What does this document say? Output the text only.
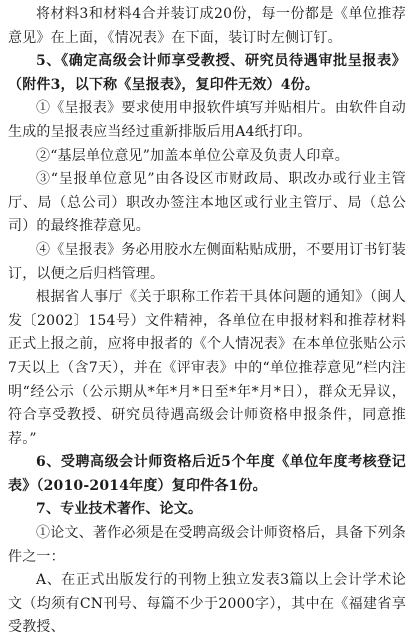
将材料3和材料4合并装订成20份，每一份都是《单位推荐意见》在上面，《情况表》在下面，装订时左侧订钉。

5、《确定高级会计师享受教授、研究员待遇审批呈报表》（附件3，以下称《呈报表》，复印件无效）4份。

①《呈报表》要求使用申报软件填写并贴相片。由软件自动生成的呈报表应当经过重新排版后用A4纸打印。

②“基层单位意见”加盖本单位公章及负责人印章。

③“呈报单位意见”由各设区市财政局、职改办或行业主管厅、局（总公司）职改办签注本地区或行业主管厅、局（总公司）的最终推荐意见。

④《呈报表》务必用胶水左侧面粘贴成册，不要用订书钉装订，以便之后归档管理。

根据省人事厅《关于职称工作若干具体问题的通知》（闽人发〔2002〕154号）文件精神，各单位在申报材料和推荐材料正式上报之前，应将申报者的《个人情况表》在本单位张贴公示7天以上（含7天），并在《评审表》中的“单位推荐意见”栏内注明“经公示（公示期从*年*月*日至*年*月*日），群众无异议，符合享受教授、研究员待遇高级会计师资格申报条件，同意推荐。”

6、受聘高级会计师资格后近5个年度《单位年度考核登记表》（2010-2014年度）复印件各1份。

7、专业技术著作、论文。

①论文、著作必须是在受聘高级会计师资格后，具备下列条件之一：

A、在正式出版发行的刊物上独立发表3篇以上会计学术论文（均须有CN刊号、每篇不少于2000字），其中在《福建省享受教授、
